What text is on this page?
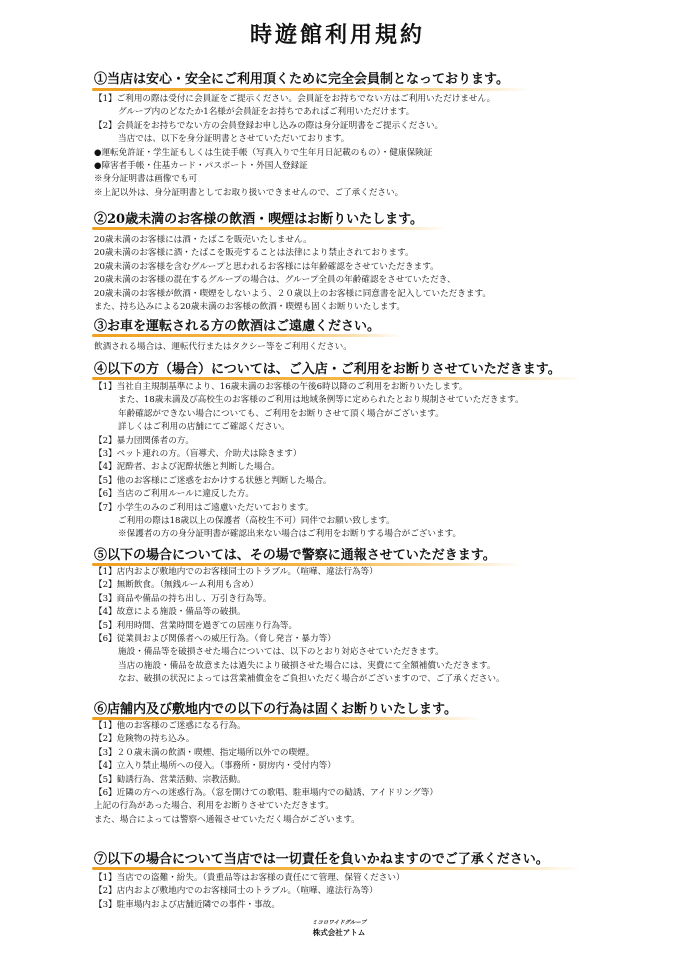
時遊館利用規約
①当店は安心・安全にご利用頂くために完全会員制となっております。
【1】ご利用の際は受付に会員証をご提示ください。会員証をお持ちでない方はご利用いただけません。
グループ内のどなたか1名様が会員証をお持ちであればご利用いただけます。
【2】会員証をお持ちでない方の会員登録お申し込みの際は身分証明書をご提示ください。
当店では、以下を身分証明書とさせていただいております。
●運転免許証・学生証もしくは生徒手帳（写真入りで生年月日記載のもの）・健康保険証
●障害者手帳・住基カード・パスポート・外国人登録証
※身分証明書は画像でも可
※上記以外は、身分証明書としてお取り扱いできませんので、ご了承ください。
②20歳未満のお客様の飲酒・喫煙はお断りいたします。
20歳未満のお客様には酒・たばこを販売いたしません。
20歳未満のお客様に酒・たばこを販売することは法律により禁止されております。
20歳未満のお客様を含むグループと思われるお客様には年齢確認をさせていただきます。
20歳未満のお客様の混在するグループの場合は、グループ全員の年齢確認をさせていただき、
20歳未満のお客様が飲酒・喫煙をしないよう、２０歳以上のお客様に同意書を記入していただきます。
また、持ち込みによる20歳未満のお客様の飲酒・喫煙も固くお断りいたします。
③お車を運転される方の飲酒はご遠慮ください。
飲酒される場合は、運転代行またはタクシー等をご利用ください。
④以下の方（場合）については、ご入店・ご利用をお断りさせていただきます。
【1】当社自主規制基準により、16歳未満のお客様の午後6時以降のご利用をお断りいたします。
また、18歳未満及び高校生のお客様のご利用は地域条例等に定められたとおり規制させていただきます。
年齢確認ができない場合についても、ご利用をお断りさせて頂く場合がございます。
詳しくはご利用の店舗にてご確認ください。
【2】暴力団関係者の方。
【3】ペット連れの方。（盲導犬、介助犬は除きます）
【4】泥酔者、および泥酔状態と判断した場合。
【5】他のお客様にご迷惑をおかけする状態と判断した場合。
【6】当店のご利用ルールに違反した方。
【7】小学生のみのご利用はご遠慮いただいております。
ご利用の際は18歳以上の保護者（高校生不可）同伴でお願い致します。
※保護者の方の身分証明書が確認出来ない場合はご利用をお断りする場合がございます。
⑤以下の場合については、その場で警察に通報させていただきます。
【1】店内および敷地内でのお客様同士のトラブル。（喧嘩、違法行為等）
【2】無断飲食。（無銭ルーム利用も含め）
【3】商品や備品の持ち出し、万引き行為等。
【4】故意による施設・備品等の破損。
【5】利用時間、営業時間を過ぎての居座り行為等。
【6】従業員および関係者への威圧行為。（脅し発言・暴力等）
施設・備品等を破損させた場合については、以下のとおり対応させていただきます。
当店の施設・備品を故意または過失により破損させた場合には、実費にて全額補償いただきます。
なお、破損の状況によっては営業補償金をご負担いただく場合がございますので、ご了承ください。
⑥店舗内及び敷地内での以下の行為は固くお断りいたします。
【1】他のお客様のご迷惑になる行為。
【2】危険物の持ち込み。
【3】２０歳未満の飲酒・喫煙、指定場所以外での喫煙。
【4】立入り禁止場所への侵入。（事務所・厨房内・受付内等）
【5】勧誘行為、営業活動、宗教活動。
【6】近隣の方への迷惑行為。（窓を開けての歌唱、駐車場内での勧誘、アイドリング等）
上記の行為があった場合、利用をお断りさせていただきます。
また、場合によっては警察へ通報させていただく場合がございます。
⑦以下の場合について当店では一切責任を負いかねますのでご了承ください。
【1】当店での盗難・紛失。（貴重品等はお客様の責任にて管理、保管ください）
【2】店内および敷地内でのお客様同士のトラブル。（喧嘩、違法行為等）
【3】駐車場内および店舗近隣での事件・事故。
ミコロワイドグループ
株式会社アトム
